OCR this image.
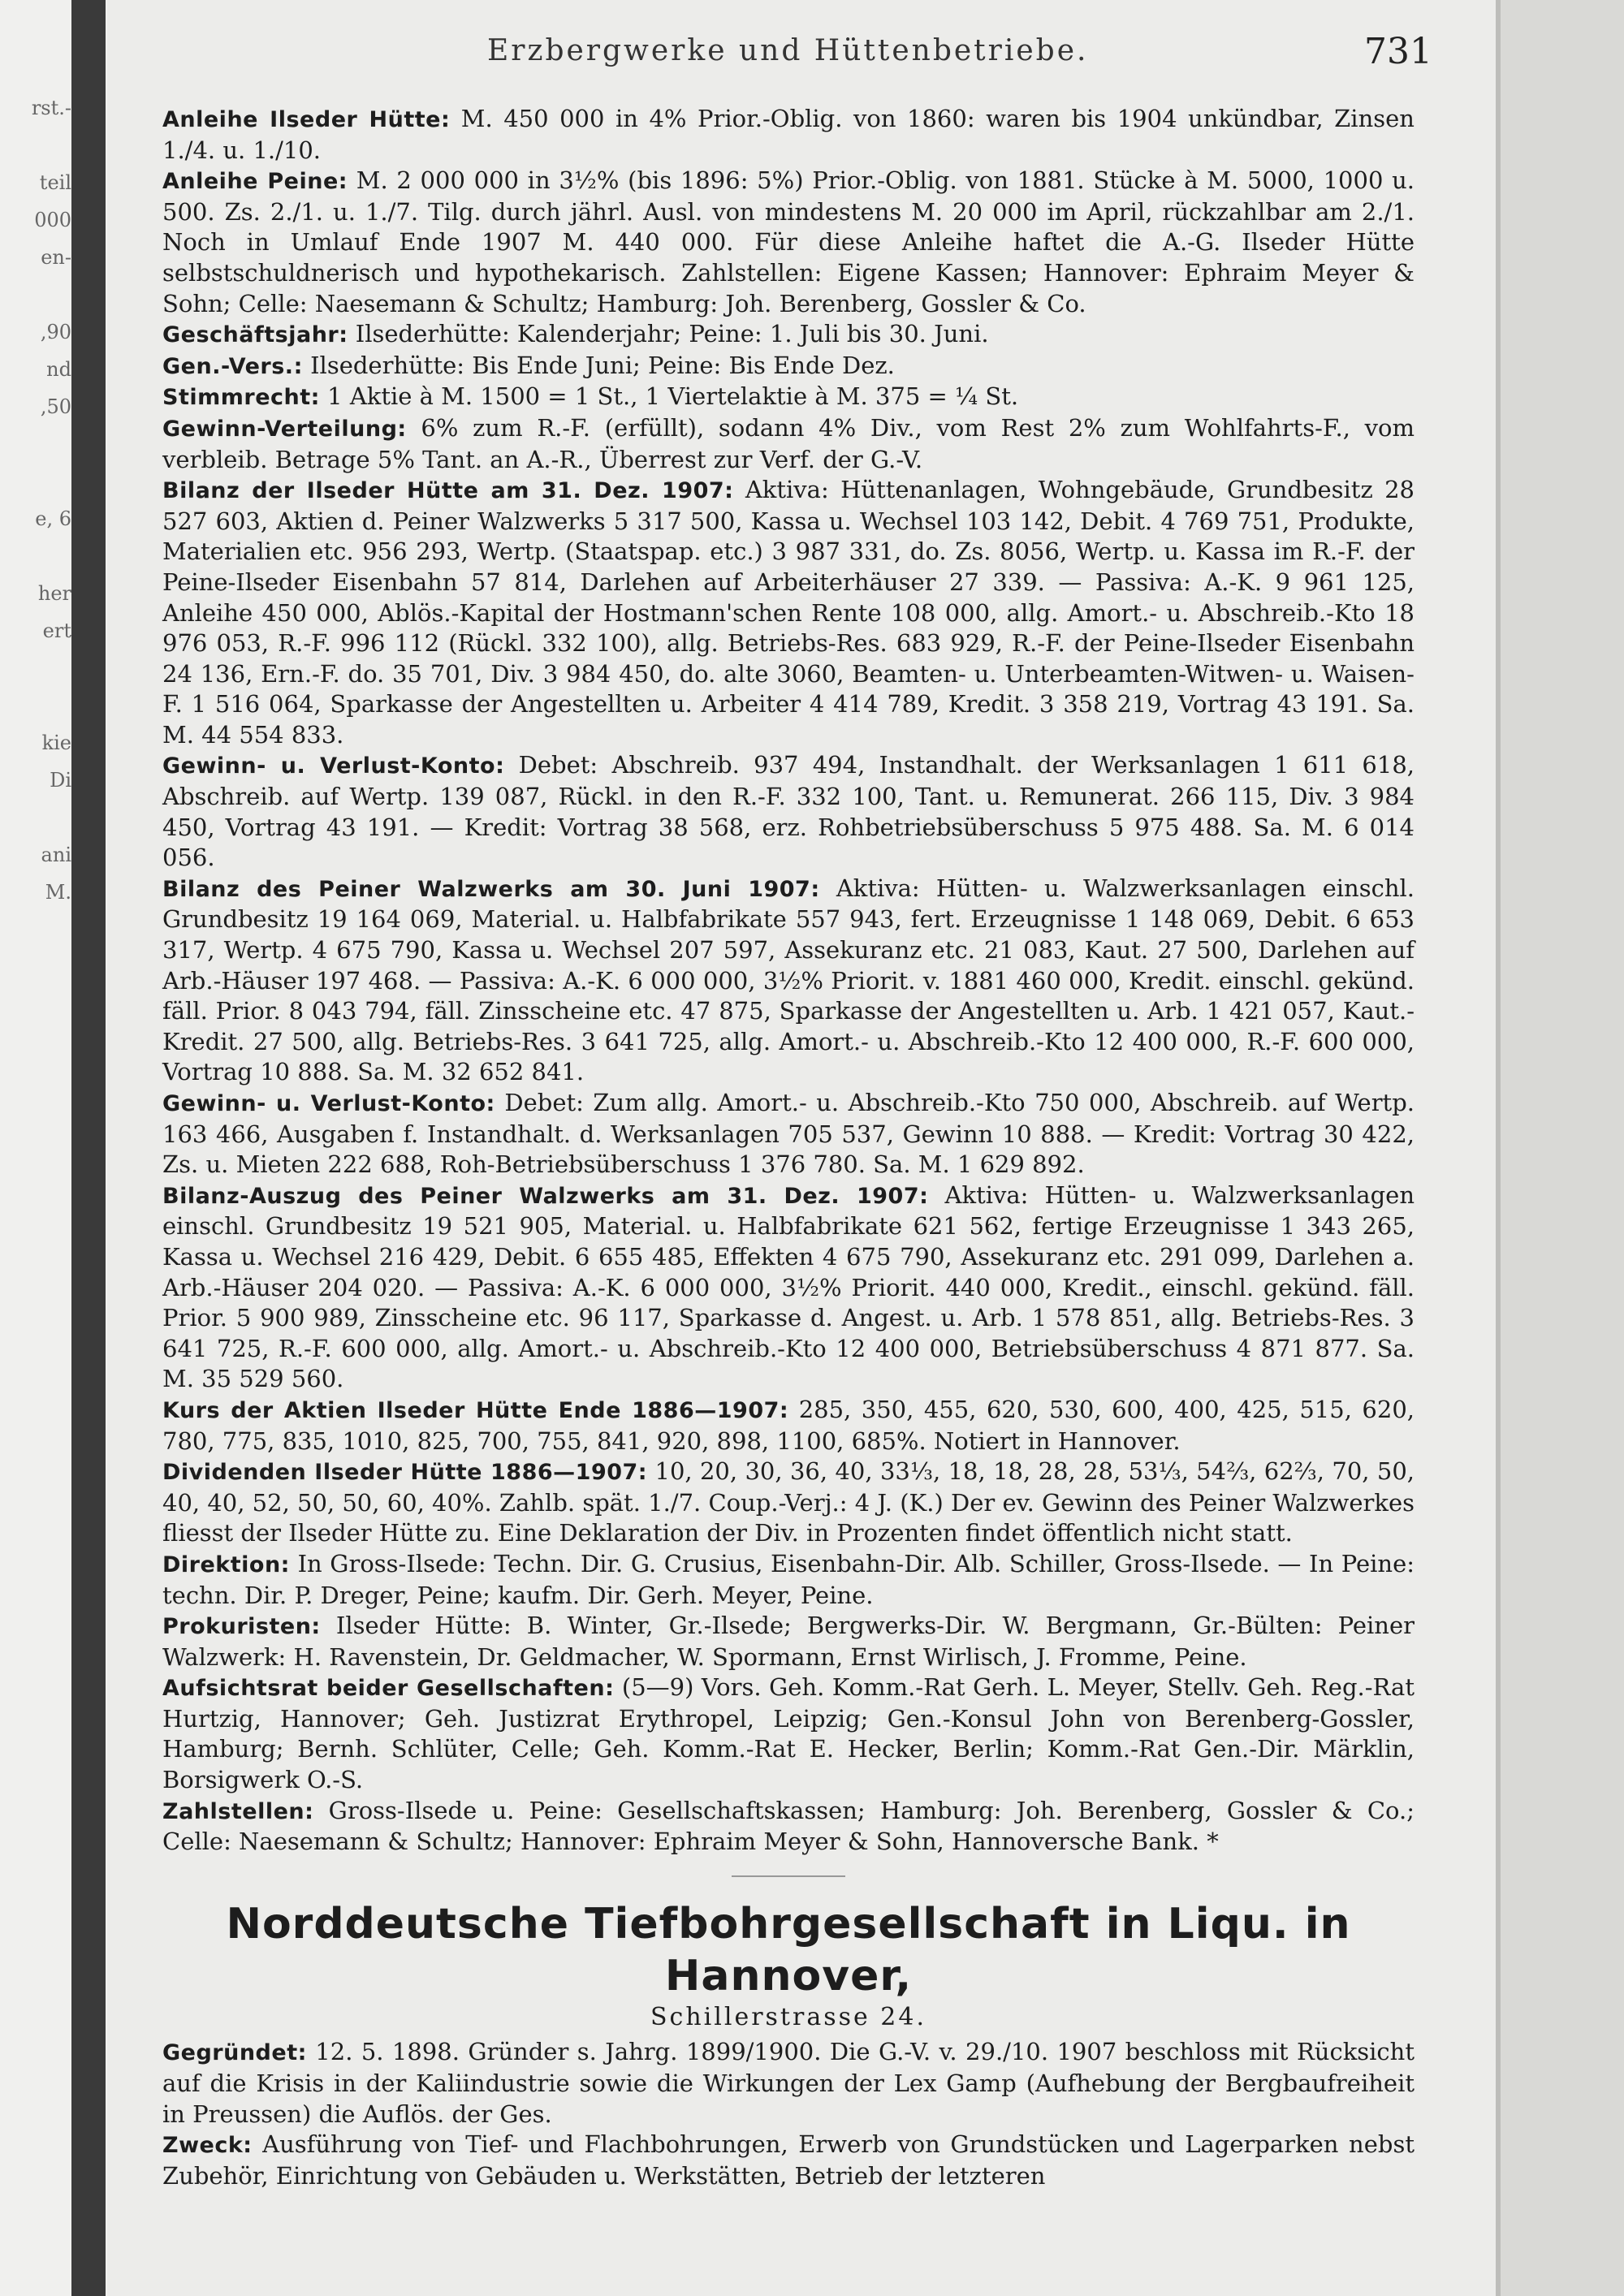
rst.-

teil
000
en-

,90
nd
,50

e, 6

her
ert

kie
Di

ani
M.
Erzbergwerke und Hüttenbetriebe.	731

Anleihe Ilseder Hütte: M. 450 000 in 4% Prior.-Oblig. von 1860: waren bis 1904 unkündbar, Zinsen 1./4. u. 1./10.

Anleihe Peine: M. 2 000 000 in 3½% (bis 1896: 5%) Prior.-Oblig. von 1881. Stücke à M. 5000, 1000 u. 500. Zs. 2./1. u. 1./7. Tilg. durch jährl. Ausl. von mindestens M. 20 000 im April, rückzahlbar am 2./1. Noch in Umlauf Ende 1907 M. 440 000. Für diese Anleihe haftet die A.-G. Ilseder Hütte selbstschuldnerisch und hypothekarisch. Zahlstellen: Eigene Kassen; Hannover: Ephraim Meyer & Sohn; Celle: Naesemann & Schultz; Hamburg: Joh. Berenberg, Gossler & Co.

Geschäftsjahr: Ilsederhütte: Kalenderjahr; Peine: 1. Juli bis 30. Juni.

Gen.-Vers.: Ilsederhütte: Bis Ende Juni; Peine: Bis Ende Dez.

Stimmrecht: 1 Aktie à M. 1500 = 1 St., 1 Viertelaktie à M. 375 = ¼ St.

Gewinn-Verteilung: 6% zum R.-F. (erfüllt), sodann 4% Div., vom Rest 2% zum Wohlfahrts-F., vom verbleib. Betrage 5% Tant. an A.-R., Überrest zur Verf. der G.-V.

Bilanz der Ilseder Hütte am 31. Dez. 1907: Aktiva: Hüttenanlagen, Wohngebäude, Grundbesitz 28 527 603, Aktien d. Peiner Walzwerks 5 317 500, Kassa u. Wechsel 103 142, Debit. 4 769 751, Produkte, Materialien etc. 956 293, Wertp. (Staatspap. etc.) 3 987 331, do. Zs. 8056, Wertp. u. Kassa im R.-F. der Peine-Ilseder Eisenbahn 57 814, Darlehen auf Arbeiterhäuser 27 339. — Passiva: A.-K. 9 961 125, Anleihe 450 000, Ablös.-Kapital der Hostmann'schen Rente 108 000, allg. Amort.- u. Abschreib.-Kto 18 976 053, R.-F. 996 112 (Rückl. 332 100), allg. Betriebs-Res. 683 929, R.-F. der Peine-Ilseder Eisenbahn 24 136, Ern.-F. do. 35 701, Div. 3 984 450, do. alte 3060, Beamten- u. Unterbeamten-Witwen- u. Waisen-F. 1 516 064, Sparkasse der Angestellten u. Arbeiter 4 414 789, Kredit. 3 358 219, Vortrag 43 191. Sa. M. 44 554 833.

Gewinn- u. Verlust-Konto: Debet: Abschreib. 937 494, Instandhalt. der Werksanlagen 1 611 618, Abschreib. auf Wertp. 139 087, Rückl. in den R.-F. 332 100, Tant. u. Remunerat. 266 115, Div. 3 984 450, Vortrag 43 191. — Kredit: Vortrag 38 568, erz. Rohbetriebsüberschuss 5 975 488. Sa. M. 6 014 056.

Bilanz des Peiner Walzwerks am 30. Juni 1907: Aktiva: Hütten- u. Walzwerksanlagen einschl. Grundbesitz 19 164 069, Material. u. Halbfabrikate 557 943, fert. Erzeugnisse 1 148 069, Debit. 6 653 317, Wertp. 4 675 790, Kassa u. Wechsel 207 597, Assekuranz etc. 21 083, Kaut. 27 500, Darlehen auf Arb.-Häuser 197 468. — Passiva: A.-K. 6 000 000, 3½% Priorit. v. 1881 460 000, Kredit. einschl. gekünd. fäll. Prior. 8 043 794, fäll. Zinsscheine etc. 47 875, Sparkasse der Angestellten u. Arb. 1 421 057, Kaut.-Kredit. 27 500, allg. Betriebs-Res. 3 641 725, allg. Amort.- u. Abschreib.-Kto 12 400 000, R.-F. 600 000, Vortrag 10 888. Sa. M. 32 652 841.

Gewinn- u. Verlust-Konto: Debet: Zum allg. Amort.- u. Abschreib.-Kto 750 000, Abschreib. auf Wertp. 163 466, Ausgaben f. Instandhalt. d. Werksanlagen 705 537, Gewinn 10 888. — Kredit: Vortrag 30 422, Zs. u. Mieten 222 688, Roh-Betriebsüberschuss 1 376 780. Sa. M. 1 629 892.

Bilanz-Auszug des Peiner Walzwerks am 31. Dez. 1907: Aktiva: Hütten- u. Walzwerksanlagen einschl. Grundbesitz 19 521 905, Material. u. Halbfabrikate 621 562, fertige Erzeugnisse 1 343 265, Kassa u. Wechsel 216 429, Debit. 6 655 485, Effekten 4 675 790, Assekuranz etc. 291 099, Darlehen a. Arb.-Häuser 204 020. — Passiva: A.-K. 6 000 000, 3½% Priorit. 440 000, Kredit., einschl. gekünd. fäll. Prior. 5 900 989, Zinsscheine etc. 96 117, Sparkasse d. Angest. u. Arb. 1 578 851, allg. Betriebs-Res. 3 641 725, R.-F. 600 000, allg. Amort.- u. Abschreib.-Kto 12 400 000, Betriebsüberschuss 4 871 877. Sa. M. 35 529 560.

Kurs der Aktien Ilseder Hütte Ende 1886—1907: 285, 350, 455, 620, 530, 600, 400, 425, 515, 620, 780, 775, 835, 1010, 825, 700, 755, 841, 920, 898, 1100, 685%. Notiert in Hannover.

Dividenden Ilseder Hütte 1886—1907: 10, 20, 30, 36, 40, 33⅓, 18, 18, 28, 28, 53⅓, 54⅔, 62⅔, 70, 50, 40, 40, 52, 50, 50, 60, 40%. Zahlb. spät. 1./7. Coup.-Verj.: 4 J. (K.) Der ev. Gewinn des Peiner Walzwerkes fliesst der Ilseder Hütte zu. Eine Deklaration der Div. in Prozenten findet öffentlich nicht statt.

Direktion: In Gross-Ilsede: Techn. Dir. G. Crusius, Eisenbahn-Dir. Alb. Schiller, Gross-Ilsede. — In Peine: techn. Dir. P. Dreger, Peine; kaufm. Dir. Gerh. Meyer, Peine.

Prokuristen: Ilseder Hütte: B. Winter, Gr.-Ilsede; Bergwerks-Dir. W. Bergmann, Gr.-Bülten: Peiner Walzwerk: H. Ravenstein, Dr. Geldmacher, W. Spormann, Ernst Wirlisch, J. Fromme, Peine.

Aufsichtsrat beider Gesellschaften: (5—9) Vors. Geh. Komm.-Rat Gerh. L. Meyer, Stellv. Geh. Reg.-Rat Hurtzig, Hannover; Geh. Justizrat Erythropel, Leipzig; Gen.-Konsul John von Berenberg-Gossler, Hamburg; Bernh. Schlüter, Celle; Geh. Komm.-Rat E. Hecker, Berlin; Komm.-Rat Gen.-Dir. Märklin, Borsigwerk O.-S.

Zahlstellen: Gross-Ilsede u. Peine: Gesellschaftskassen; Hamburg: Joh. Berenberg, Gossler & Co.; Celle: Naesemann & Schultz; Hannover: Ephraim Meyer & Sohn, Hannoversche Bank. *

Norddeutsche Tiefbohrgesellschaft in Liqu. in Hannover,
Schillerstrasse 24.

Gegründet: 12. 5. 1898. Gründer s. Jahrg. 1899/1900. Die G.-V. v. 29./10. 1907 beschloss mit Rücksicht auf die Krisis in der Kaliindustrie sowie die Wirkungen der Lex Gamp (Aufhebung der Bergbaufreiheit in Preussen) die Auflös. der Ges.

Zweck: Ausführung von Tief- und Flachbohrungen, Erwerb von Grundstücken und Lagerparken nebst Zubehör, Einrichtung von Gebäuden u. Werkstätten, Betrieb der letzteren
